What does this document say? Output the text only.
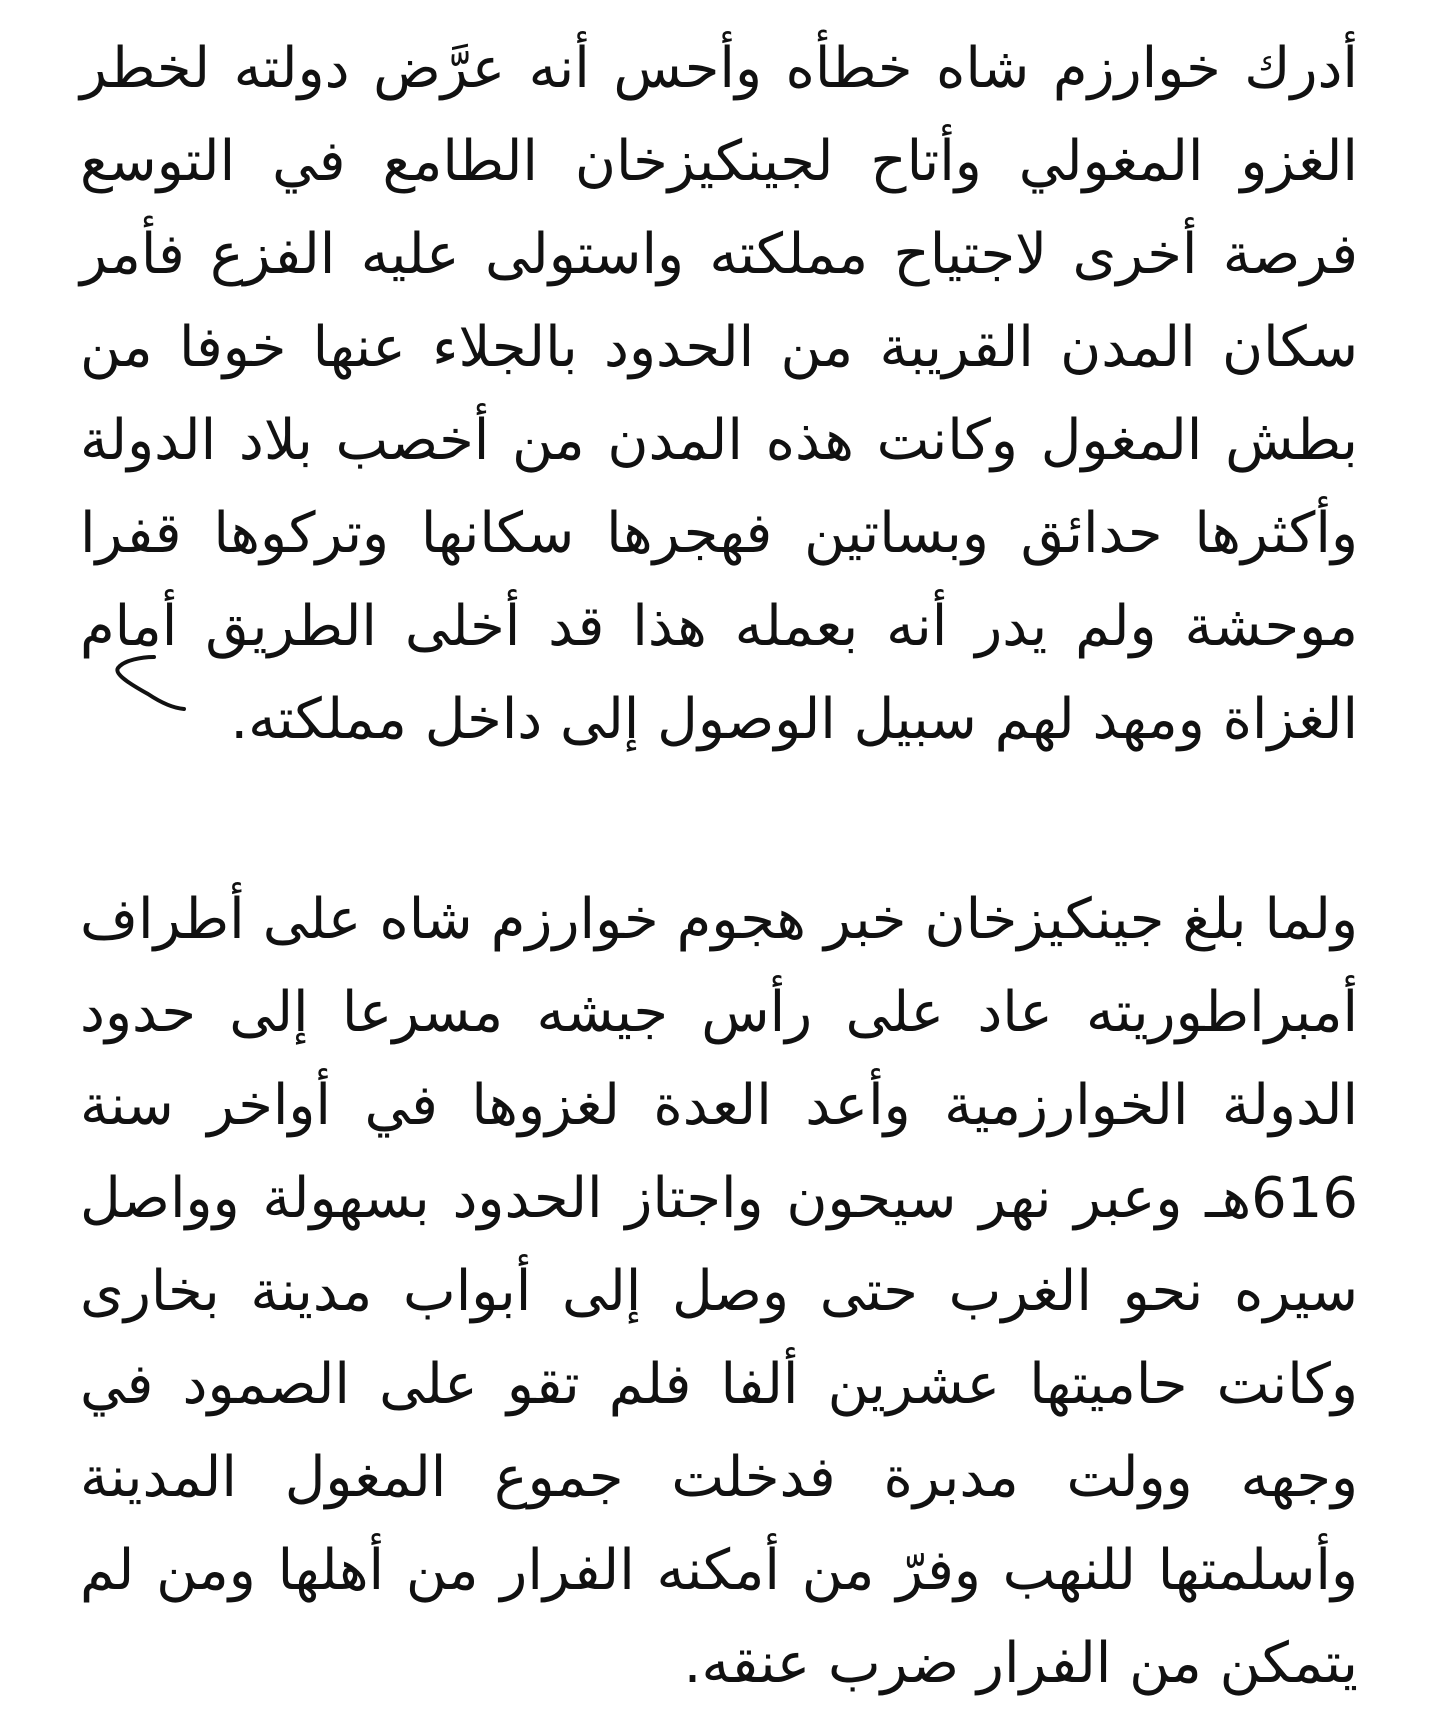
أدرك خوارزم شاه خطأه وأحس أنه عرَّض دولته لخطر
الغزو المغولي وأتاح لجينكيزخان الطامع في التوسع
فرصة أخرى لاجتياح مملكته واستولى عليه الفزع فأمر
سكان المدن القريبة من الحدود بالجلاء عنها خوفا من
بطش المغول وكانت هذه المدن من أخصب بلاد الدولة
وأكثرها حدائق وبساتين فهجرها سكانها وتركوها قفرا
موحشة ولم يدر أنه بعمله هذا قد أخلى الطريق أمام
الغزاة ومهد لهم سبيل الوصول إلى داخل مملكته.
ولما بلغ جينكيزخان خبر هجوم خوارزم شاه على أطراف
أمبراطوريته عاد على رأس جيشه مسرعا إلى حدود
الدولة الخوارزمية وأعد العدة لغزوها في أواخر سنة
616هـ وعبر نهر سيحون واجتاز الحدود بسهولة وواصل
سيره نحو الغرب حتى وصل إلى أبواب مدينة بخارى
وكانت حاميتها عشرين ألفا فلم تقو على الصمود في
وجهه وولت مدبرة فدخلت جموع المغول المدينة
وأسلمتها للنهب وفرّ من أمكنه الفرار من أهلها ومن لم
يتمكن من الفرار ضرب عنقه.
